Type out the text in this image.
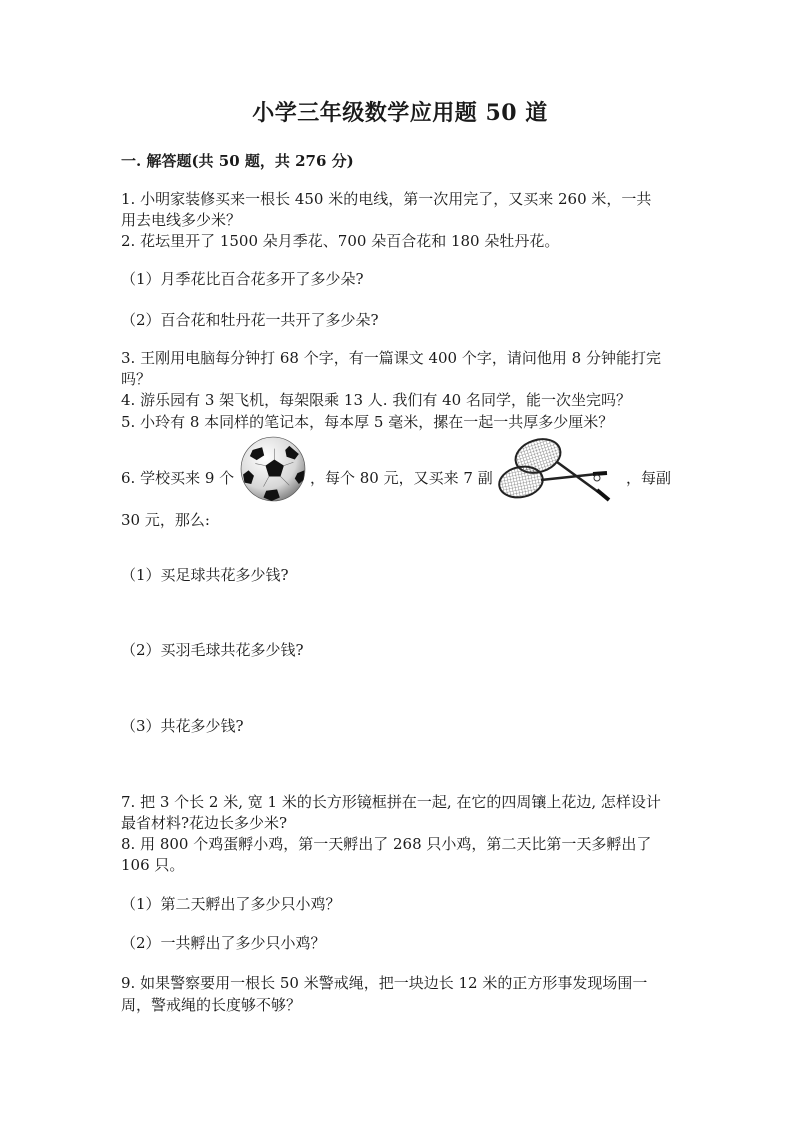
小学三年级数学应用题 50 道
一. 解答题(共 50 题，共 276 分)
1. 小明家装修买来一根长 450 米的电线，第一次用完了，又买来 260 米，一共
用去电线多少米？
2. 花坛里开了 1500 朵月季花、700 朵百合花和 180 朵牡丹花。
（1）月季花比百合花多开了多少朵?
（2）百合花和牡丹花一共开了多少朵?
3. 王刚用电脑每分钟打 68 个字，有一篇课文 400 个字，请问他用 8 分钟能打完
吗？
4. 游乐园有 3 架飞机，每架限乘 13 人. 我们有 40 名同学，能一次坐完吗？
5. 小玲有 8 本同样的笔记本，每本厚 5 毫米，摞在一起一共厚多少厘米？
6. 学校买来 9 个	，每个 80 元，又买来 7 副	，每副
30 元，那么:
（1）买足球共花多少钱?
（2）买羽毛球共花多少钱?
（3）共花多少钱?
7. 把 3 个长 2 米, 宽 1 米的长方形镜框拼在一起, 在它的四周镶上花边, 怎样设计
最省材料?花边长多少米?
8. 用 800 个鸡蛋孵小鸡，第一天孵出了 268 只小鸡，第二天比第一天多孵出了
106 只。
（1）第二天孵出了多少只小鸡？
（2）一共孵出了多少只小鸡？
9. 如果警察要用一根长 50 米警戒绳，把一块边长 12 米的正方形事发现场围一
周，警戒绳的长度够不够？
